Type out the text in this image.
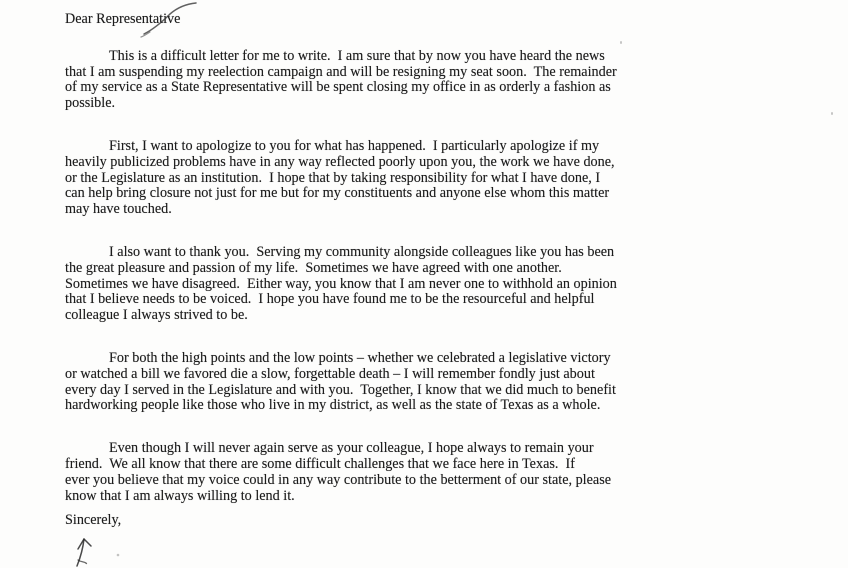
Dear Representative
This is a difficult letter for me to write.  I am sure that by now you have heard the news
that I am suspending my reelection campaign and will be resigning my seat soon.  The remainder
of my service as a State Representative will be spent closing my office in as orderly a fashion as
possible.
First, I want to apologize to you for what has happened.  I particularly apologize if my
heavily publicized problems have in any way reflected poorly upon you, the work we have done,
or the Legislature as an institution.  I hope that by taking responsibility for what I have done, I
can help bring closure not just for me but for my constituents and anyone else whom this matter
may have touched.
I also want to thank you.  Serving my community alongside colleagues like you has been
the great pleasure and passion of my life.  Sometimes we have agreed with one another.
Sometimes we have disagreed.  Either way, you know that I am never one to withhold an opinion
that I believe needs to be voiced.  I hope you have found me to be the resourceful and helpful
colleague I always strived to be.
For both the high points and the low points – whether we celebrated a legislative victory
or watched a bill we favored die a slow, forgettable death – I will remember fondly just about
every day I served in the Legislature and with you.  Together, I know that we did much to benefit
hardworking people like those who live in my district, as well as the state of Texas as a whole.
Even though I will never again serve as your colleague, I hope always to remain your
friend.  We all know that there are some difficult challenges that we face here in Texas.  If
ever you believe that my voice could in any way contribute to the betterment of our state, please
know that I am always willing to lend it.
Sincerely,
